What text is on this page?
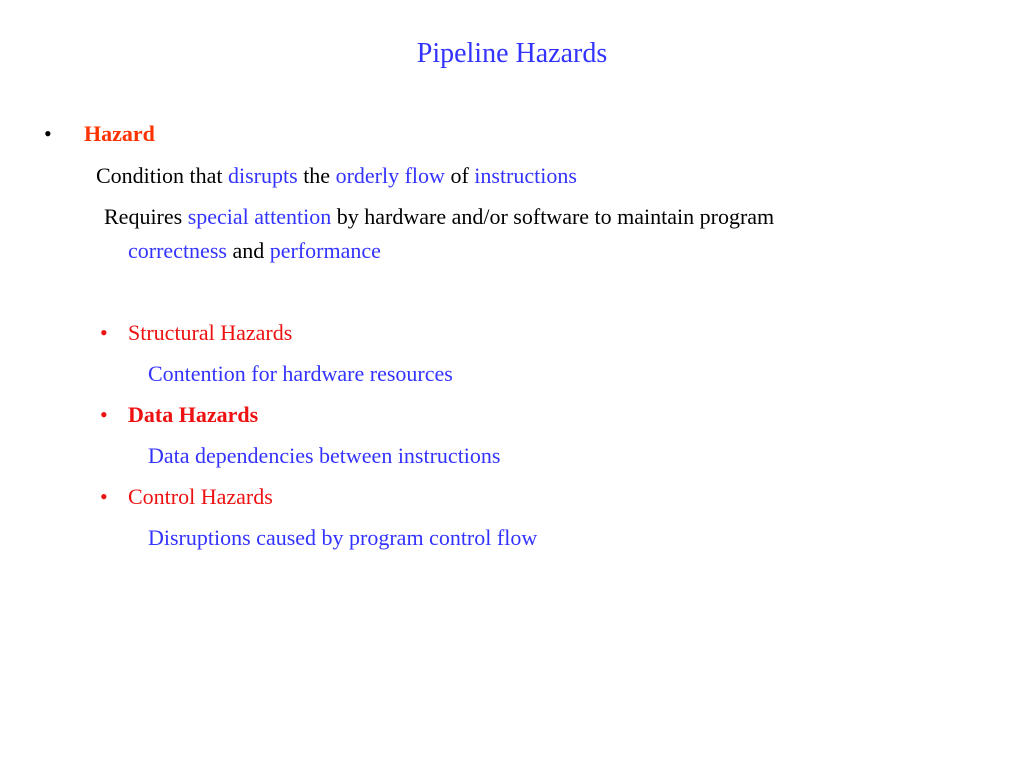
Pipeline Hazards
• Hazard
Condition that disrupts the orderly flow of instructions
Requires special attention by hardware and/or software to maintain program
correctness and performance
• Structural Hazards
Contention for hardware resources
• Data Hazards
Data dependencies between instructions
• Control Hazards
Disruptions caused by program control flow
